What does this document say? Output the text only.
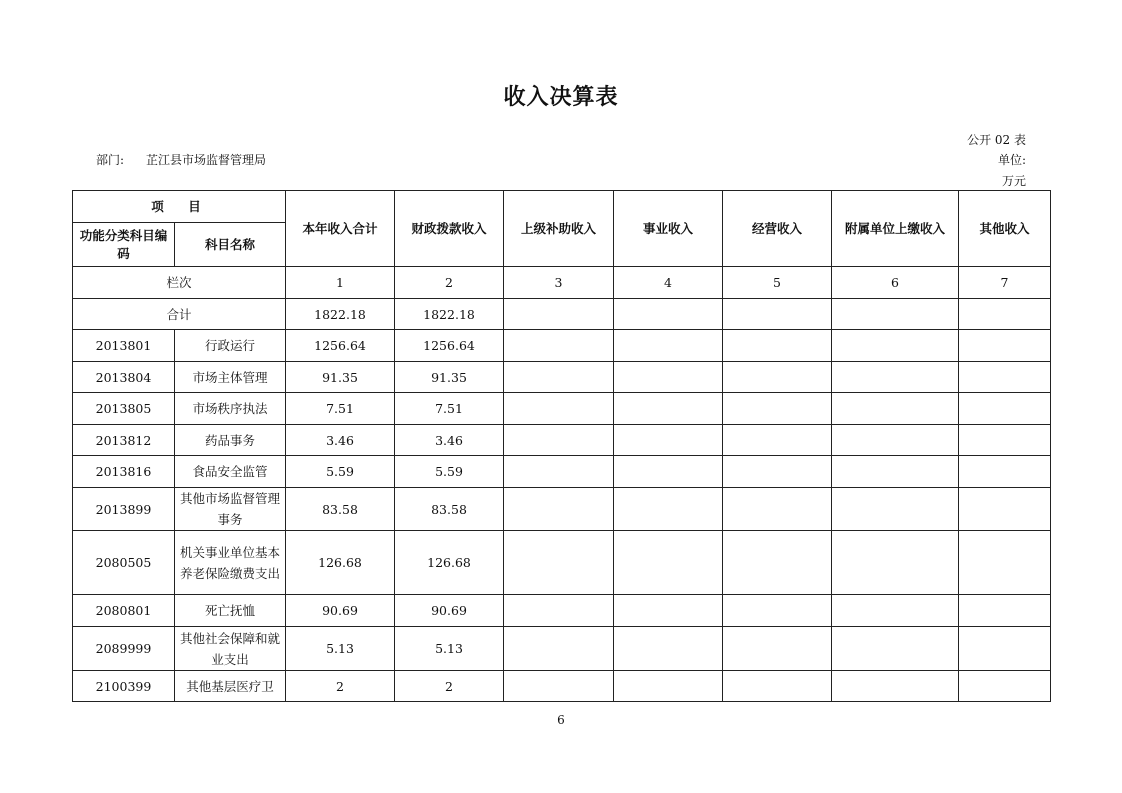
收入决算表
公开 02 表
部门: 芷江县市场监督管理局	单位:
万元
项　目		本年收入合计	财政拨款收入	上级补助收入	事业收入	经营收入	附属单位上缴收入	其他收入
功能分类科目编码	科目名称							
栏次		1	2	3	4	5	6	7
合计		1822.18	1822.18					
2013801	行政运行	1256.64	1256.64					
2013804	市场主体管理	91.35	91.35					
2013805	市场秩序执法	7.51	7.51					
2013812	药品事务	3.46	3.46					
2013816	食品安全监管	5.59	5.59					
2013899	其他市场监督管理事务	83.58	83.58					
2080505	机关事业单位基本养老保险缴费支出	126.68	126.68					
2080801	死亡抚恤	90.69	90.69					
2089999	其他社会保障和就业支出	5.13	5.13					
2100399	其他基层医疗卫	2	2					
6
